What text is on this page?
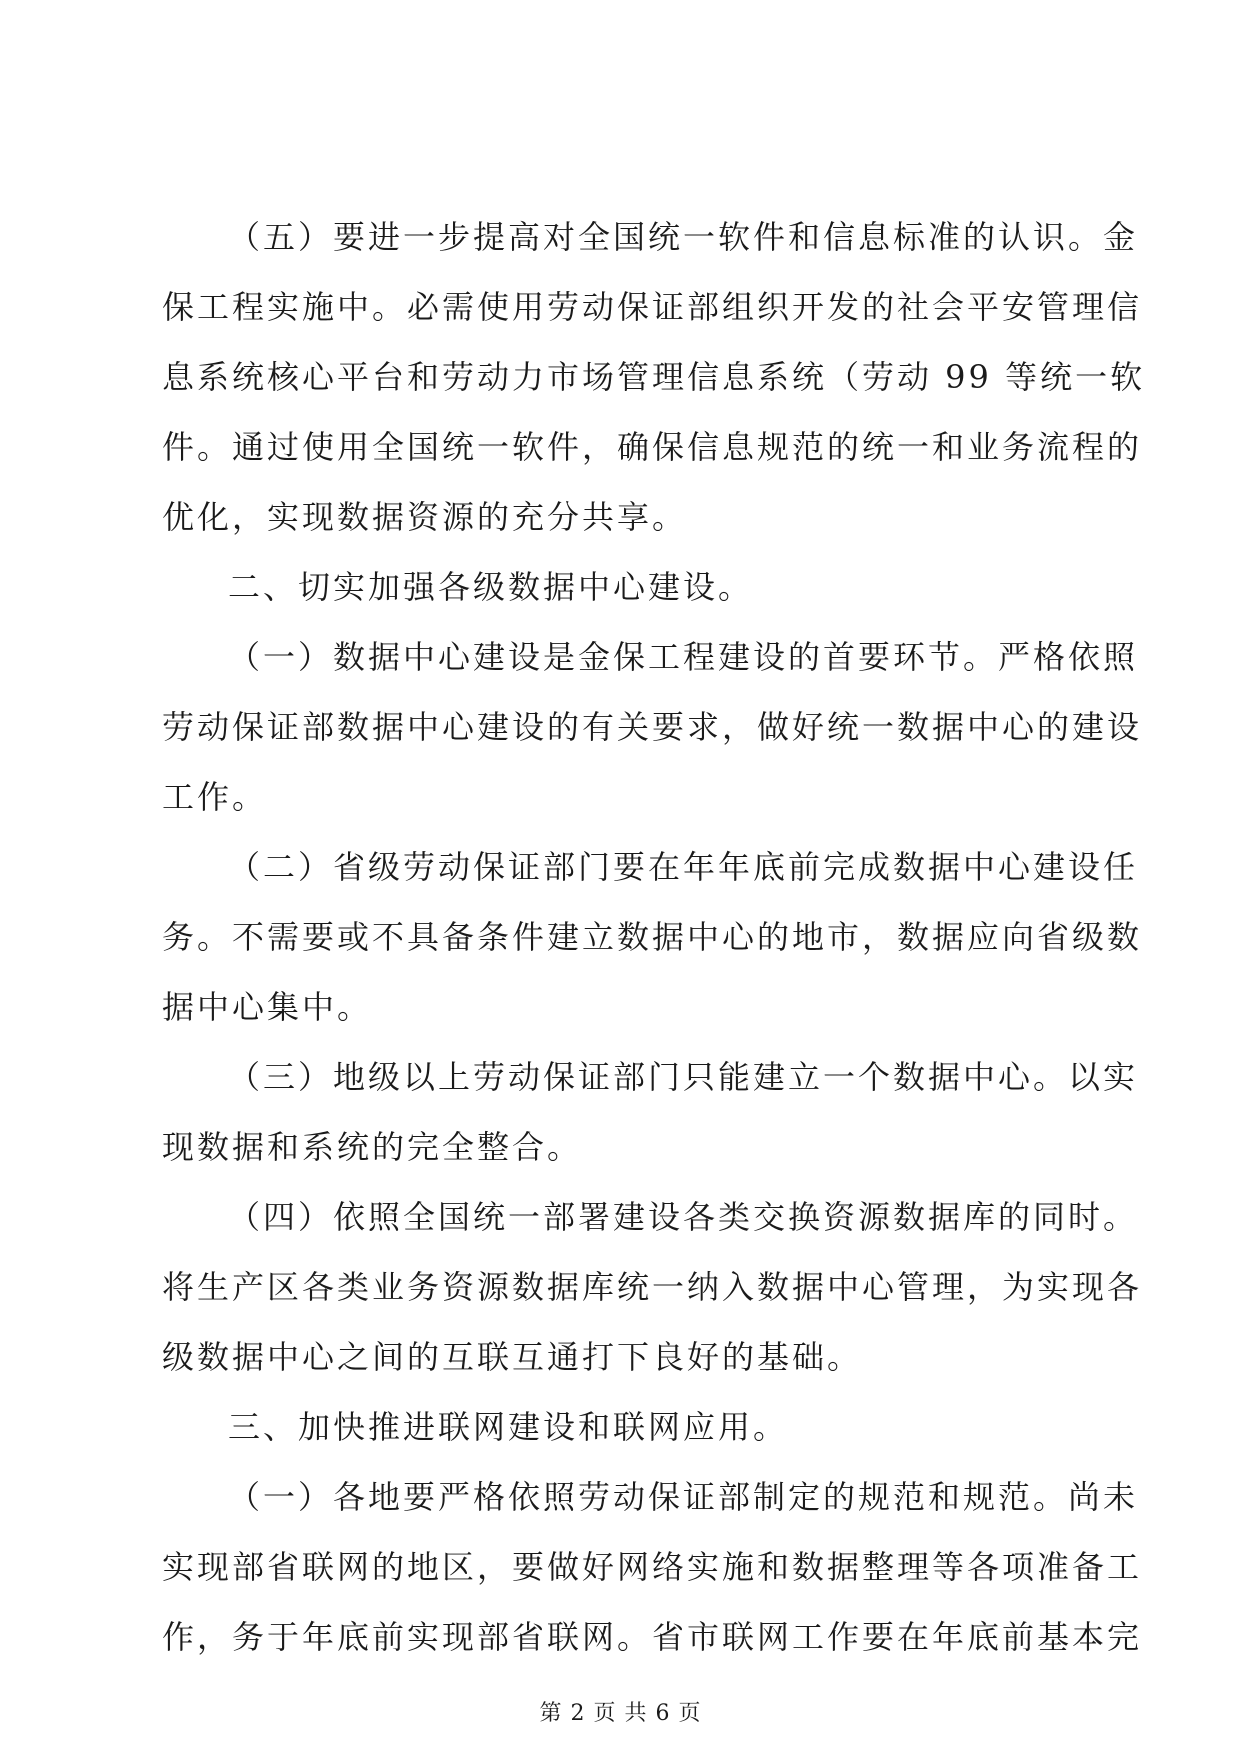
（五）要进一步提高对全国统一软件和信息标准的认识。金
保工程实施中。必需使用劳动保证部组织开发的社会平安管理信
息系统核心平台和劳动力市场管理信息系统（劳动 99 等统一软
件。通过使用全国统一软件，确保信息规范的统一和业务流程的
优化，实现数据资源的充分共享。
二、切实加强各级数据中心建设。
（一）数据中心建设是金保工程建设的首要环节。严格依照
劳动保证部数据中心建设的有关要求，做好统一数据中心的建设
工作。
（二）省级劳动保证部门要在年年底前完成数据中心建设任
务。不需要或不具备条件建立数据中心的地市，数据应向省级数
据中心集中。
（三）地级以上劳动保证部门只能建立一个数据中心。以实
现数据和系统的完全整合。
（四）依照全国统一部署建设各类交换资源数据库的同时。
将生产区各类业务资源数据库统一纳入数据中心管理，为实现各
级数据中心之间的互联互通打下良好的基础。
三、加快推进联网建设和联网应用。
（一）各地要严格依照劳动保证部制定的规范和规范。尚未
实现部省联网的地区，要做好网络实施和数据整理等各项准备工
作，务于年底前实现部省联网。省市联网工作要在年底前基本完
第 2 页 共 6 页
